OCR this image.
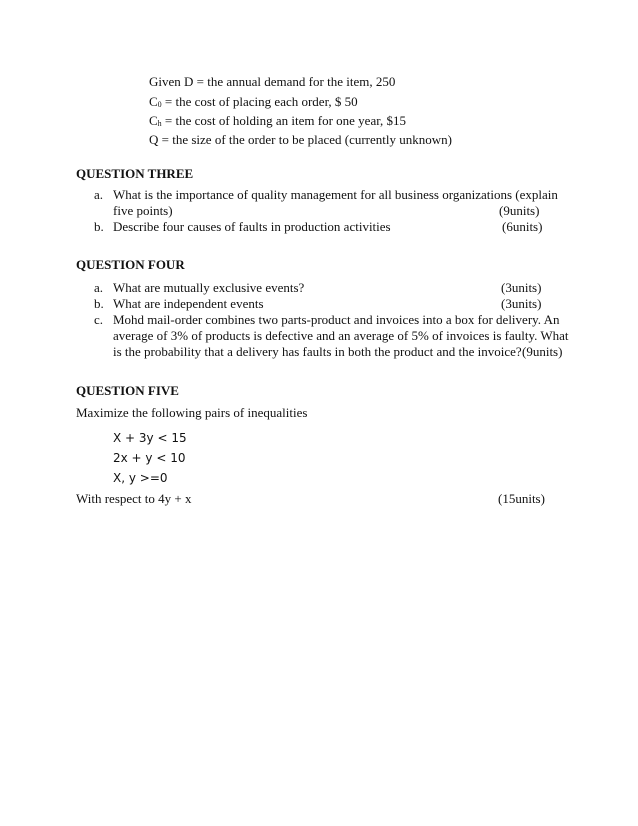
Given D = the annual demand for the item, 250
C0 = the cost of placing each order, $ 50
Ch = the cost of holding an item for one year, $15
Q = the size of the order to be placed (currently unknown)
QUESTION THREE
a. What is the importance of quality management for all business organizations (explain
five points)	(9units)
b. Describe four causes of faults in production activities	(6units)
QUESTION FOUR
a. What are mutually exclusive events?	(3units)
b. What are independent events	(3units)
c. Mohd mail-order combines two parts-product and invoices into a box for delivery. An
average of 3% of products is defective and an average of 5% of invoices is faulty. What
is the probability that a delivery has faults in both the product and the invoice? (9units)
QUESTION FIVE
Maximize the following pairs of inequalities
X + 3y < 15
2x + y < 10
X, y >=0
With respect to 4y + x	(15units)
